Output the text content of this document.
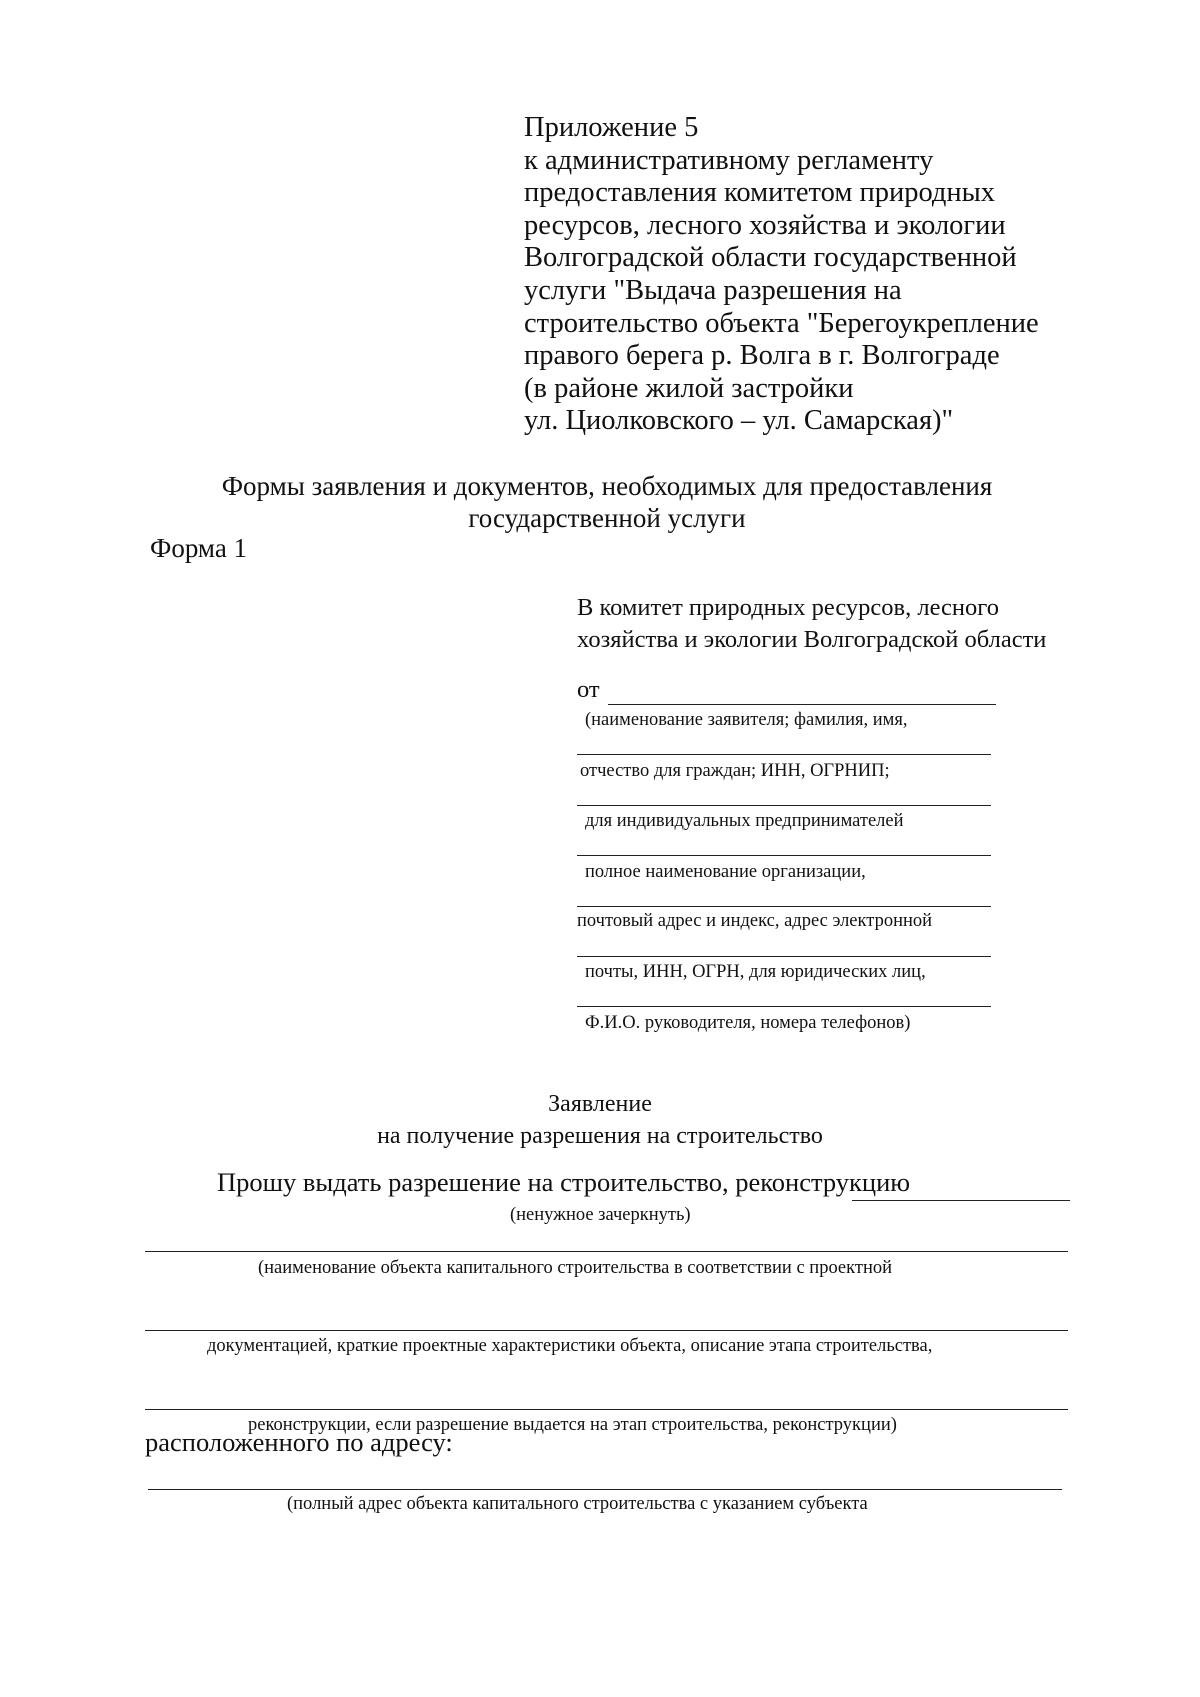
Приложение 5
к административному регламенту
предоставления комитетом природных
ресурсов, лесного хозяйства и экологии
Волгоградской области государственной
услуги "Выдача разрешения на
строительство объекта "Берегоукрепление
правого берега р. Волга в г. Волгограде
(в районе жилой застройки
ул. Циолковского – ул. Самарская)"
Формы заявления и документов, необходимых для предоставления
государственной услуги
Форма 1
В комитет природных ресурсов, лесного
хозяйства и экологии Волгоградской области
от
(наименование заявителя; фамилия, имя,
отчество для граждан; ИНН, ОГРНИП;
для индивидуальных предпринимателей
полное наименование организации,
почтовый адрес и индекс, адрес электронной
почты, ИНН, ОГРН, для юридических лиц,
Ф.И.О. руководителя, номера телефонов)
Заявление
на получение разрешения на строительство
Прошу выдать разрешение на строительство, реконструкцию
(ненужное зачеркнуть)
(наименование объекта капитального строительства в соответствии с проектной
документацией, краткие проектные характеристики объекта, описание этапа строительства,
реконструкции, если разрешение выдается на этап строительства, реконструкции)
расположенного по адресу:
(полный адрес объекта капитального строительства с указанием субъекта
